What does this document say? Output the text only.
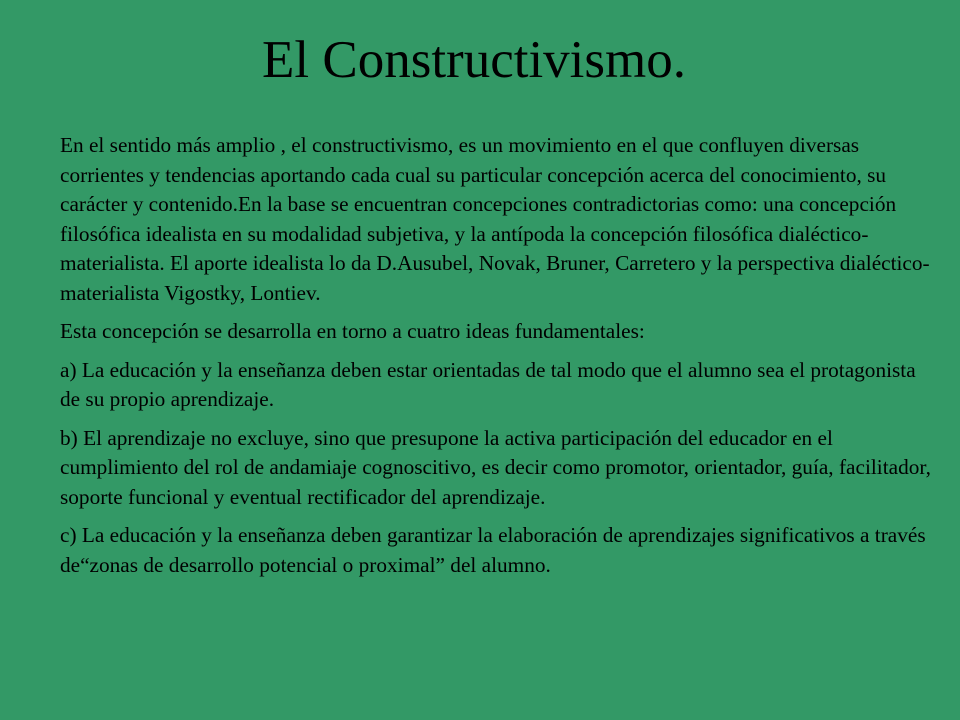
El Constructivismo.

En el sentido más amplio , el constructivismo, es un movimiento en el que confluyen diversas corrientes y tendencias aportando cada cual su particular concepción acerca del conocimiento, su carácter y contenido.En la base se encuentran concepciones contradictorias como: una concepción filosófica idealista en su modalidad subjetiva, y la antípoda la concepción filosófica dialéctico-materialista. El aporte idealista lo da D.Ausubel, Novak, Bruner, Carretero y la perspectiva dialéctico-materialista Vigostky, Lontiev.

Esta concepción se desarrolla en torno a cuatro ideas fundamentales:

a) La educación y la enseñanza deben estar orientadas de tal modo que el alumno sea el protagonista de su propio aprendizaje.

b) El aprendizaje no excluye, sino que presupone la activa participación del educador en el cumplimiento del rol de andamiaje cognoscitivo, es decir como promotor, orientador, guía, facilitador, soporte funcional y eventual rectificador del aprendizaje.

c) La educación y la enseñanza deben garantizar la elaboración de aprendizajes significativos a través de“zonas de desarrollo potencial o proximal” del alumno.
